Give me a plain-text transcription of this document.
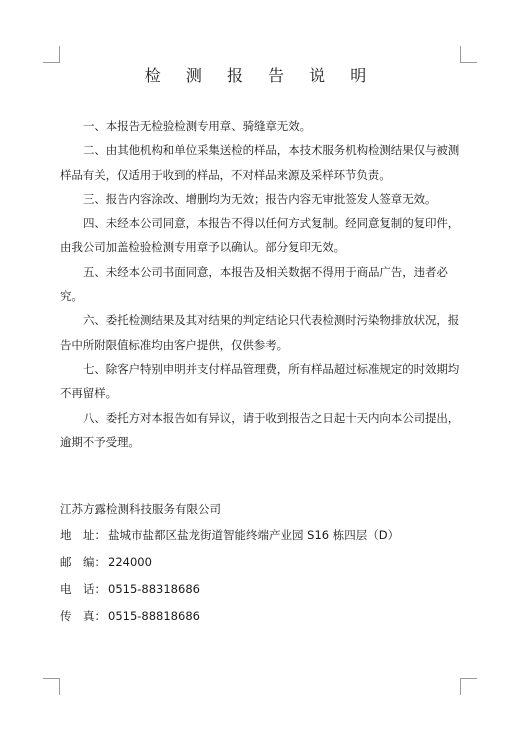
检 测 报 告 说 明

一、本报告无检验检测专用章、骑缝章无效。

二、由其他机构和单位采集送检的样品，本技术服务机构检测结果仅与被测样品有关，仅适用于收到的样品，不对样品来源及采样环节负责。

三、报告内容涂改、增删均为无效；报告内容无审批签发人签章无效。

四、未经本公司同意，本报告不得以任何方式复制。经同意复制的复印件，由我公司加盖检验检测专用章予以确认。部分复印无效。

五、未经本公司书面同意，本报告及相关数据不得用于商品广告，违者必究。

六、委托检测结果及其对结果的判定结论只代表检测时污染物排放状况，报告中所附限值标准均由客户提供，仅供参考。

七、除客户特别申明并支付样品管理费，所有样品超过标准规定的时效期均不再留样。

八、委托方对本报告如有异议，请于收到报告之日起十天内向本公司提出，逾期不予受理。

江苏方露检测科技服务有限公司
地　址： 盐城市盐都区盐龙街道智能终端产业园 S16 栋四层（D）
邮　编： 224000
电　话： 0515-88318686
传　真： 0515-88818686
